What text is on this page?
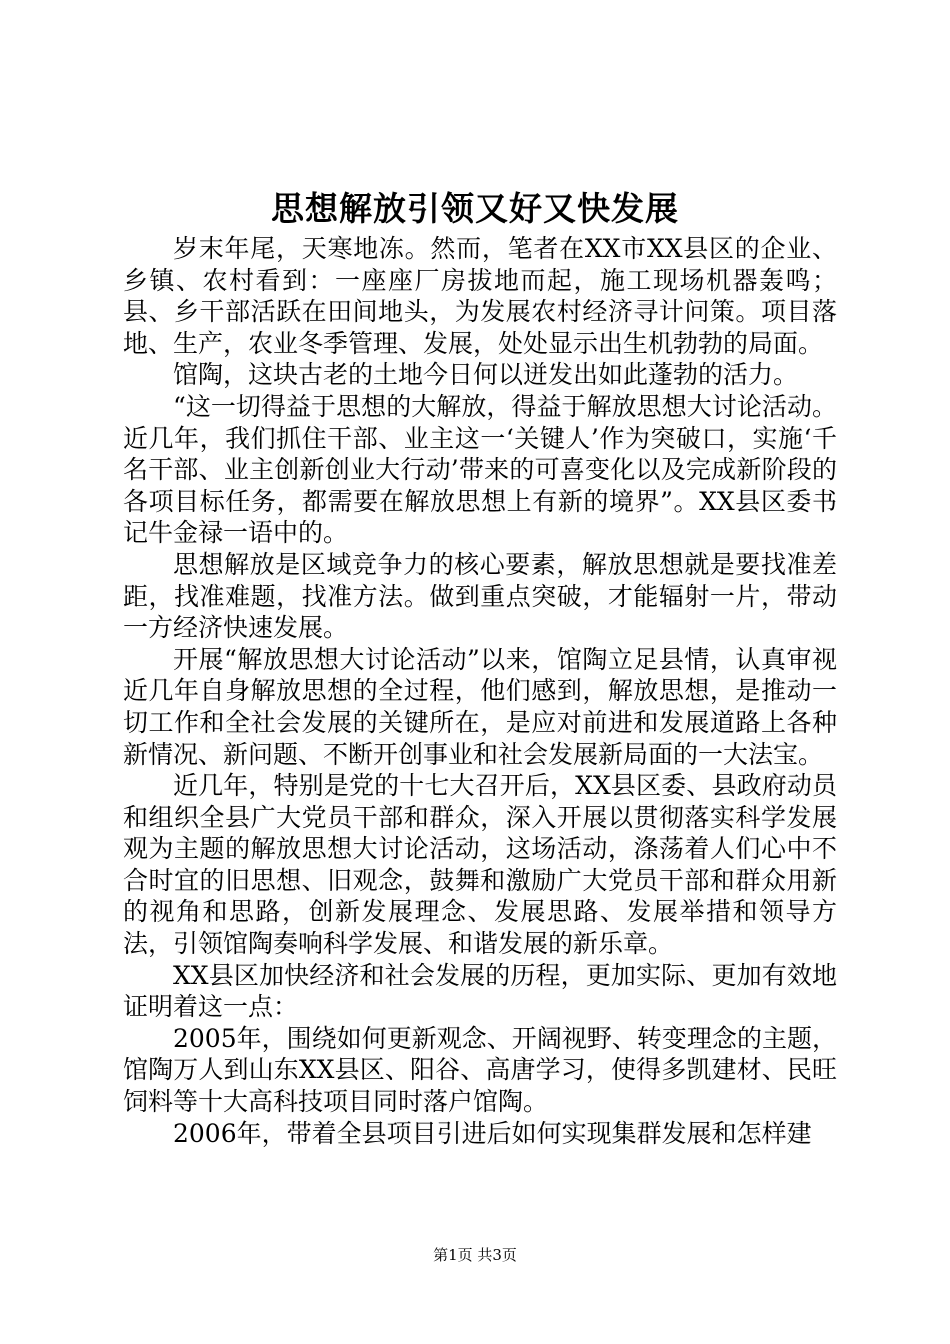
思想解放引领又好又快发展

岁末年尾，天寒地冻。然而，笔者在XX市XX县区的企业、乡镇、农村看到：一座座厂房拔地而起，施工现场机器轰鸣；县、乡干部活跃在田间地头，为发展农村经济寻计问策。项目落地、生产，农业冬季管理、发展，处处显示出生机勃勃的局面。

馆陶，这块古老的土地今日何以迸发出如此蓬勃的活力。

“这一切得益于思想的大解放，得益于解放思想大讨论活动。近几年，我们抓住干部、业主这一‘关键人’作为突破口，实施‘千名干部、业主创新创业大行动’带来的可喜变化以及完成新阶段的各项目标任务，都需要在解放思想上有新的境界”。XX县区委书记牛金禄一语中的。

思想解放是区域竞争力的核心要素，解放思想就是要找准差距，找准难题，找准方法。做到重点突破，才能辐射一片，带动一方经济快速发展。

开展“解放思想大讨论活动”以来，馆陶立足县情，认真审视近几年自身解放思想的全过程，他们感到，解放思想，是推动一切工作和全社会发展的关键所在，是应对前进和发展道路上各种新情况、新问题、不断开创事业和社会发展新局面的一大法宝。

近几年，特别是党的十七大召开后，XX县区委、县政府动员和组织全县广大党员干部和群众，深入开展以贯彻落实科学发展观为主题的解放思想大讨论活动，这场活动，涤荡着人们心中不合时宜的旧思想、旧观念，鼓舞和激励广大党员干部和群众用新的视角和思路，创新发展理念、发展思路、发展举措和领导方法，引领馆陶奏响科学发展、和谐发展的新乐章。

XX县区加快经济和社会发展的历程，更加实际、更加有效地证明着这一点：

2005年，围绕如何更新观念、开阔视野、转变理念的主题，馆陶万人到山东XX县区、阳谷、高唐学习，使得多凯建材、民旺饲料等十大高科技项目同时落户馆陶。

2006年，带着全县项目引进后如何实现集群发展和怎样建

第1页 共3页
